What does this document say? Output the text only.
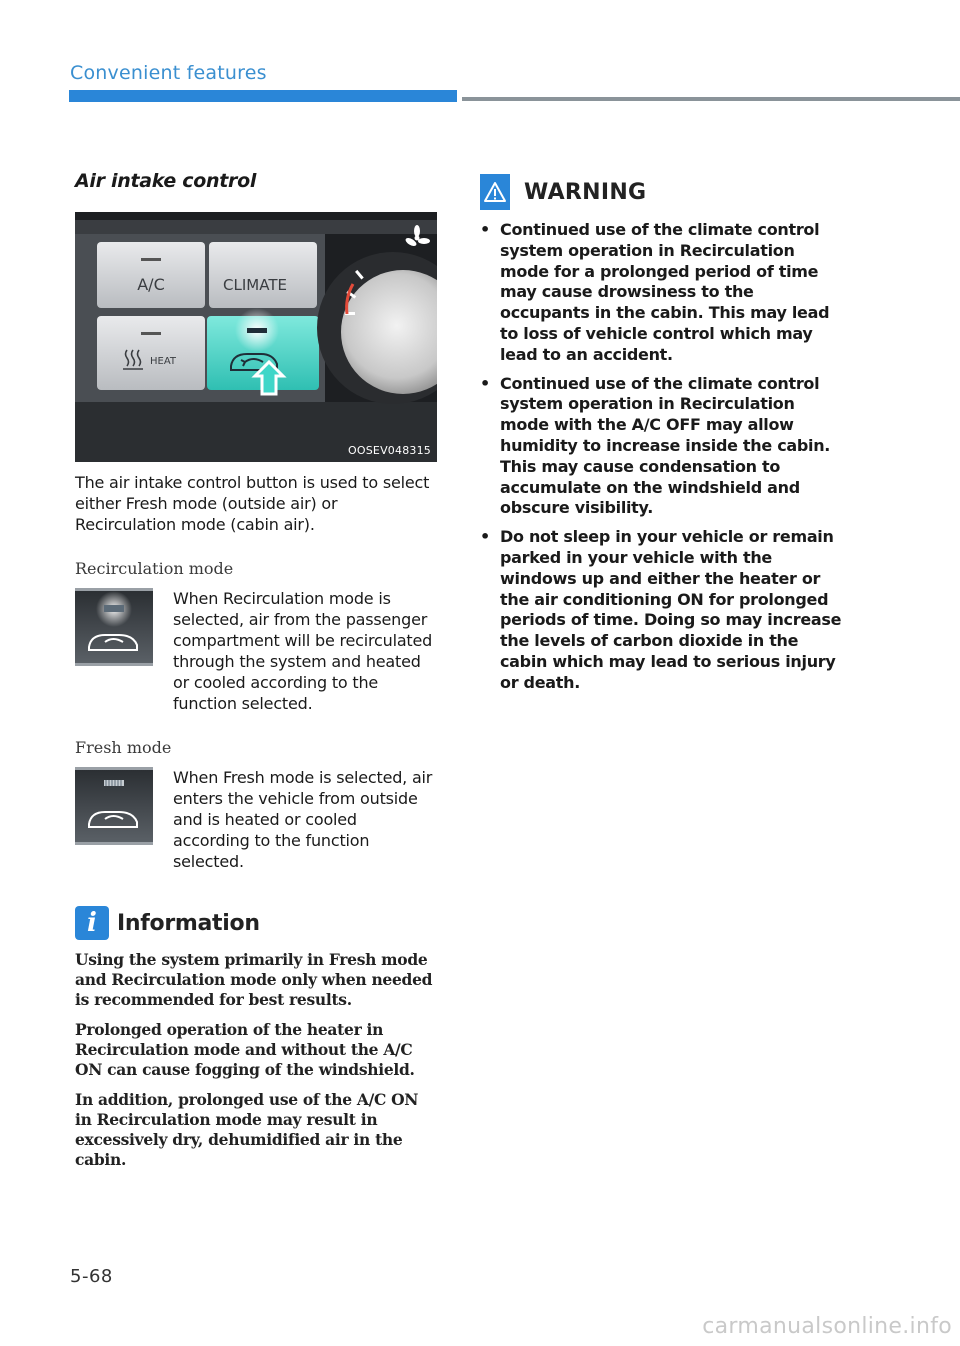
Convenient features
Air intake control
A/C	CLIMATE
HEAT
OOSEV048315

The air intake control button is used to select either Fresh mode (outside air) or Recirculation mode (cabin air).

Recirculation mode

When Recirculation mode is selected, air from the passenger compartment will be recirculated through the system and heated or cooled according to the function selected.

Fresh mode

When Fresh mode is selected, air enters the vehicle from outside and is heated or cooled according to the function selected.

i Information

Using the system primarily in Fresh mode and Recirculation mode only when needed is recommended for best results.

Prolonged operation of the heater in Recirculation mode and without the A/C ON can cause fogging of the windshield.

In addition, prolonged use of the A/C ON in Recirculation mode may result in excessively dry, dehumidified air in the cabin.

WARNING
• Continued use of the climate control system operation in Recirculation mode for a prolonged period of time may cause drowsiness to the occupants in the cabin. This may lead to loss of vehicle control which may lead to an accident.
• Continued use of the climate control system operation in Recirculation mode with the A/C OFF may allow humidity to increase inside the cabin. This may cause condensation to accumulate on the windshield and obscure visibility.
• Do not sleep in your vehicle or remain parked in your vehicle with the windows up and either the heater or the air conditioning ON for prolonged periods of time. Doing so may increase the levels of carbon dioxide in the cabin which may lead to serious injury or death.
5-68
carmanualsonline.info
